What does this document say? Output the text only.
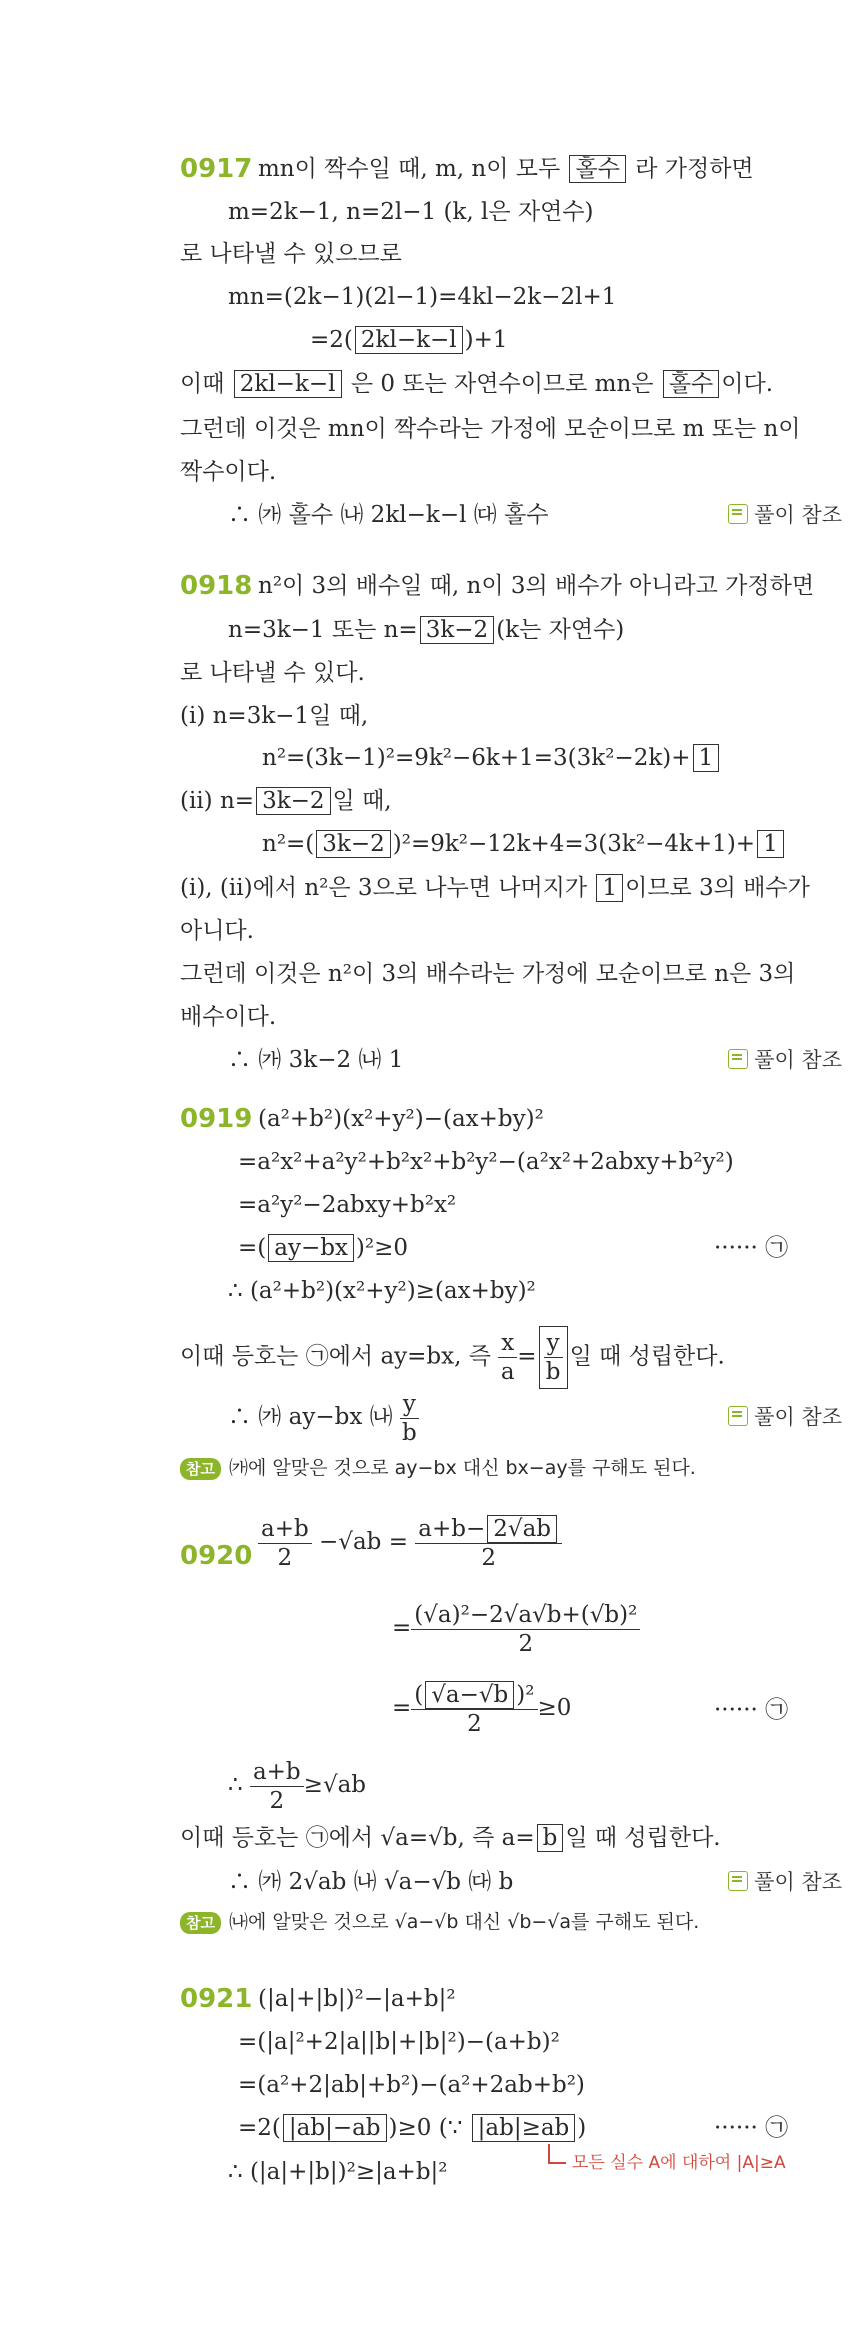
0917 mn이 짝수일 때, m, n이 모두 홀수 라 가정하면
m=2k−1, n=2l−1 (k, l은 자연수)
로 나타낼 수 있으므로
mn=(2k−1)(2l−1)=4kl−2k−2l+1
=2( 2kl−k−l )+1
이때 2kl−k−l 은 0 또는 자연수이므로 mn은 홀수 이다.
그런데 이것은 mn이 짝수라는 가정에 모순이므로 m 또는 n이
짝수이다.
∴ ㈎ 홀수 ㈏ 2kl−k−l ㈐ 홀수	풀이 참조
0918 n²이 3의 배수일 때, n이 3의 배수가 아니라고 가정하면
n=3k−1 또는 n= 3k−2 (k는 자연수)
로 나타낼 수 있다.
(ⅰ) n=3k−1일 때,
n²=(3k−1)²=9k²−6k+1=3(3k²−2k)+ 1
(ⅱ) n= 3k−2 일 때,
n²=( 3k−2 )²=9k²−12k+4=3(3k²−4k+1)+ 1
(ⅰ), (ⅱ)에서 n²은 3으로 나누면 나머지가 1 이므로 3의 배수가
아니다.
그런데 이것은 n²이 3의 배수라는 가정에 모순이므로 n은 3의
배수이다.
∴ ㈎ 3k−2 ㈏ 1	풀이 참조
0919 (a²+b²)(x²+y²)−(ax+by)²
=a²x²+a²y²+b²x²+b²y²−(a²x²+2abxy+b²y²)
=a²y²−2abxy+b²x²
=( ay−bx )²≥0	······ ㉠
∴ (a²+b²)(x²+y²)≥(ax+by)²
이때 등호는 ㉠에서 ay=bx, 즉 $\frac{x}{a} = \frac{y}{b}$ 일 때 성립한다.
∴ ㈎ ay−bx ㈏ $\frac{y}{b}$	풀이 참조
참고 ㈎에 알맞은 것으로 ay−bx 대신 bx−ay를 구해도 된다.
$0920 \frac{a+b}{2} -√ab = \frac{a+b- 2√ab}{2}$
= $\frac{\text{(√a)²−2√a√b+(√b)²}}{2}$
= $\frac{\text{( √a−√b )²}}{2} \ge 0$	······ ㉠
∴ $\frac{a+b}{2} \ge√ab$
이때 등호는 ㉠에서 √a=√b, 즉 a= b 일 때 성립한다.
∴ ㈎ 2√ab ㈏ √a−√b ㈐ b	풀이 참조
참고 ㈏에 알맞은 것으로 √a−√b 대신 √b−√a를 구해도 된다.
0921 (|a|+|b|)²−|a+b|²
=(|a|²+2|a||b|+|b|²)−(a+b)²
=(a²+2|ab|+b²)−(a²+2ab+b²)
=2( |ab|−ab )≥0 (∵ |ab|≥ab )	······ ㉠
모든 실수 A에 대하여 |A|≥A
∴ (|a|+|b|)²≥|a+b|²
